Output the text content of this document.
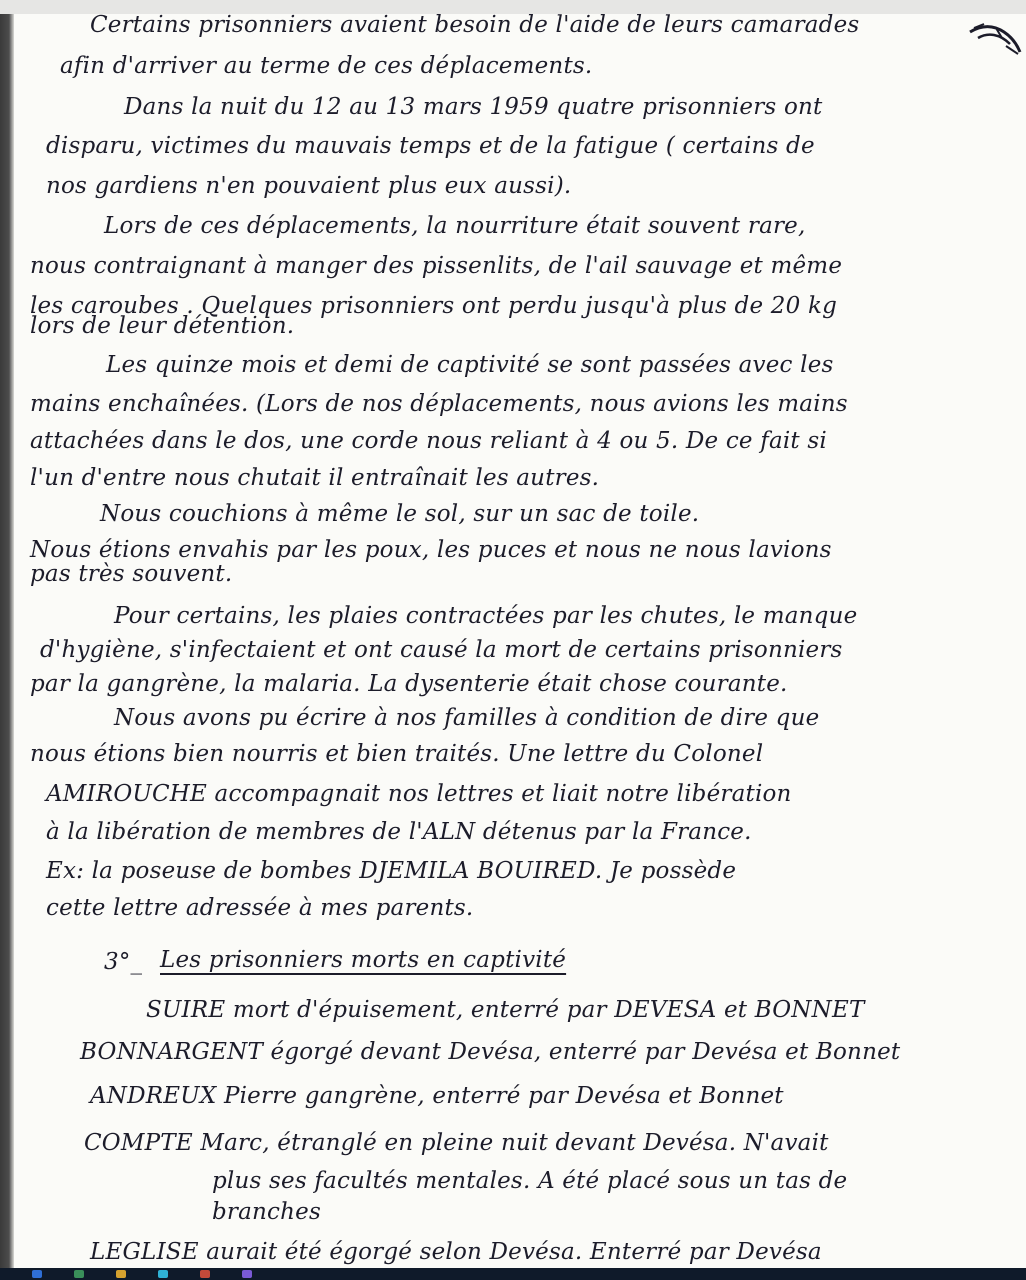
Certains prisonniers avaient besoin de l'aide de leurs camarades
afin d'arriver au terme de ces déplacements.
Dans la nuit du 12 au 13 mars 1959 quatre prisonniers ont
disparu, victimes du mauvais temps et de la fatigue ( certains de
nos gardiens n'en pouvaient plus eux aussi).
Lors de ces déplacements, la nourriture était souvent rare,
nous contraignant à manger des pissenlits, de l'ail sauvage et même
les caroubes . Quelques prisonniers ont perdu jusqu'à plus de 20 kg
lors de leur détention.
Les quinze mois et demi de captivité se sont passées avec les
mains enchaînées. (Lors de nos déplacements, nous avions les mains
attachées dans le dos, une corde nous reliant à 4 ou 5. De ce fait si
l'un d'entre nous chutait il entraînait les autres.
Nous couchions à même le sol, sur un sac de toile.
Nous étions envahis par les poux, les puces et nous ne nous lavions
pas très souvent.
Pour certains, les plaies contractées par les chutes, le manque
d'hygiène, s'infectaient et ont causé la mort de certains prisonniers
par la gangrène, la malaria. La dysenterie était chose courante.
Nous avons pu écrire à nos familles à condition de dire que
nous étions bien nourris et bien traités. Une lettre du Colonel
AMIROUCHE accompagnait nos lettres et liait notre libération
à la libération de membres de l'ALN détenus par la France.
Ex: la poseuse de bombes DJEMILA BOUIRED. Je possède
cette lettre adressée à mes parents.
3°_ Les prisonniers morts en captivité
SUIRE mort d'épuisement, enterré par DEVESA et BONNET
BONNARGENT égorgé devant Devésa, enterré par Devésa et Bonnet
ANDREUX Pierre gangrène, enterré par Devésa et Bonnet
COMPTE Marc, étranglé en pleine nuit devant Devésa. N'avait
plus ses facultés mentales. A été placé sous un tas de
branches
LEGLISE aurait été égorgé selon Devésa. Enterré par Devésa
